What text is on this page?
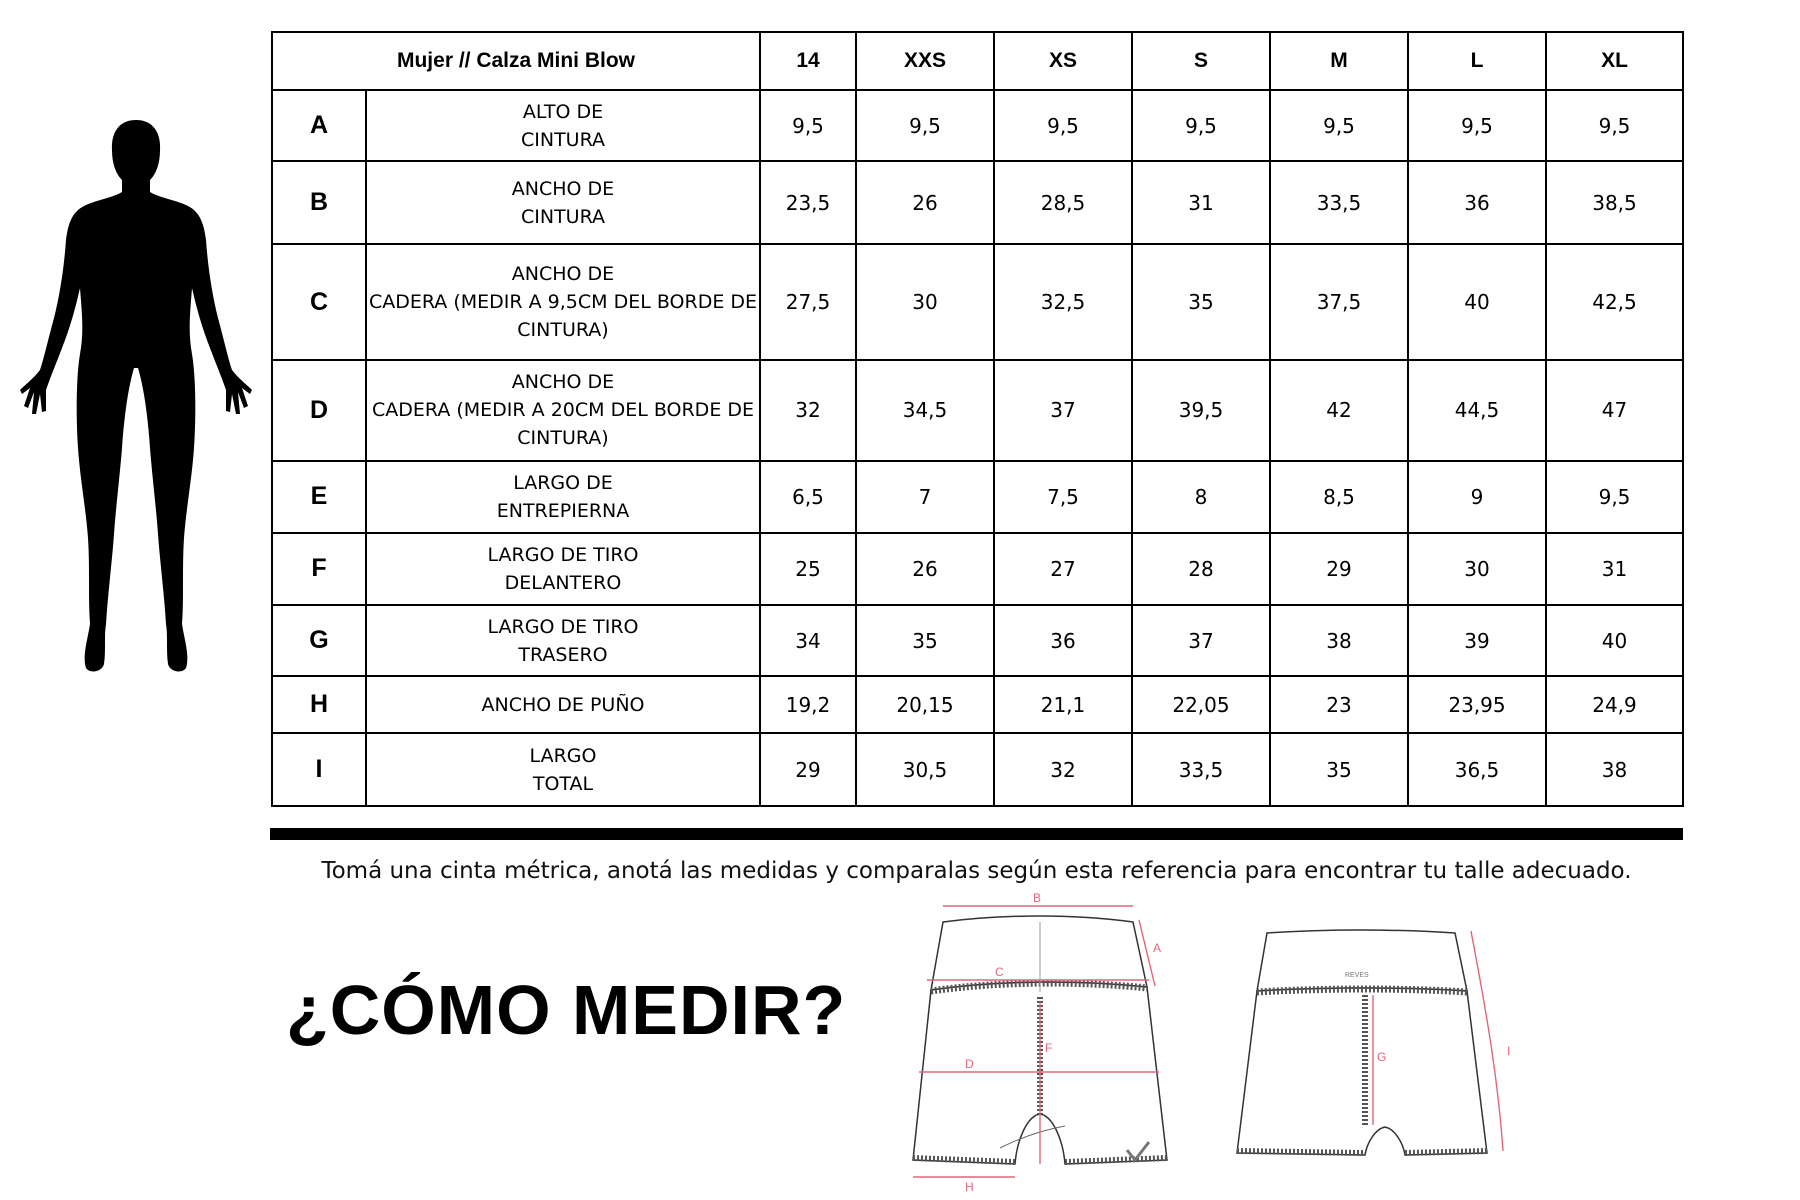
Mujer // Calza Mini Blow		14	XXS	XS	S	M	L	XL
A	ALTO DE
CINTURA	9,5	9,5	9,5	9,5	9,5	9,5	9,5
B	ANCHO DE
CINTURA	23,5	26	28,5	31	33,5	36	38,5
C	ANCHO DE
CADERA (MEDIR A 9,5CM DEL BORDE DE CINTURA)	27,5	30	32,5	35	37,5	40	42,5
D	ANCHO DE
CADERA (MEDIR A 20CM DEL BORDE DE CINTURA)	32	34,5	37	39,5	42	44,5	47
E	LARGO DE
ENTREPIERNA	6,5	7	7,5	8	8,5	9	9,5
F	LARGO DE TIRO
DELANTERO	25	26	27	28	29	30	31
G	LARGO DE TIRO
TRASERO	34	35	36	37	38	39	40
H	ANCHO DE PUÑO	19,2	20,15	21,1	22,05	23	23,95	24,9
I	LARGO
TOTAL	29	30,5	32	33,5	35	36,5	38
Tomá una cinta métrica, anotá las medidas y comparalas según esta referencia para encontrar tu talle adecuado.
¿CÓMO MEDIR?
B
A
C
F
D
H
REVES
G	I
